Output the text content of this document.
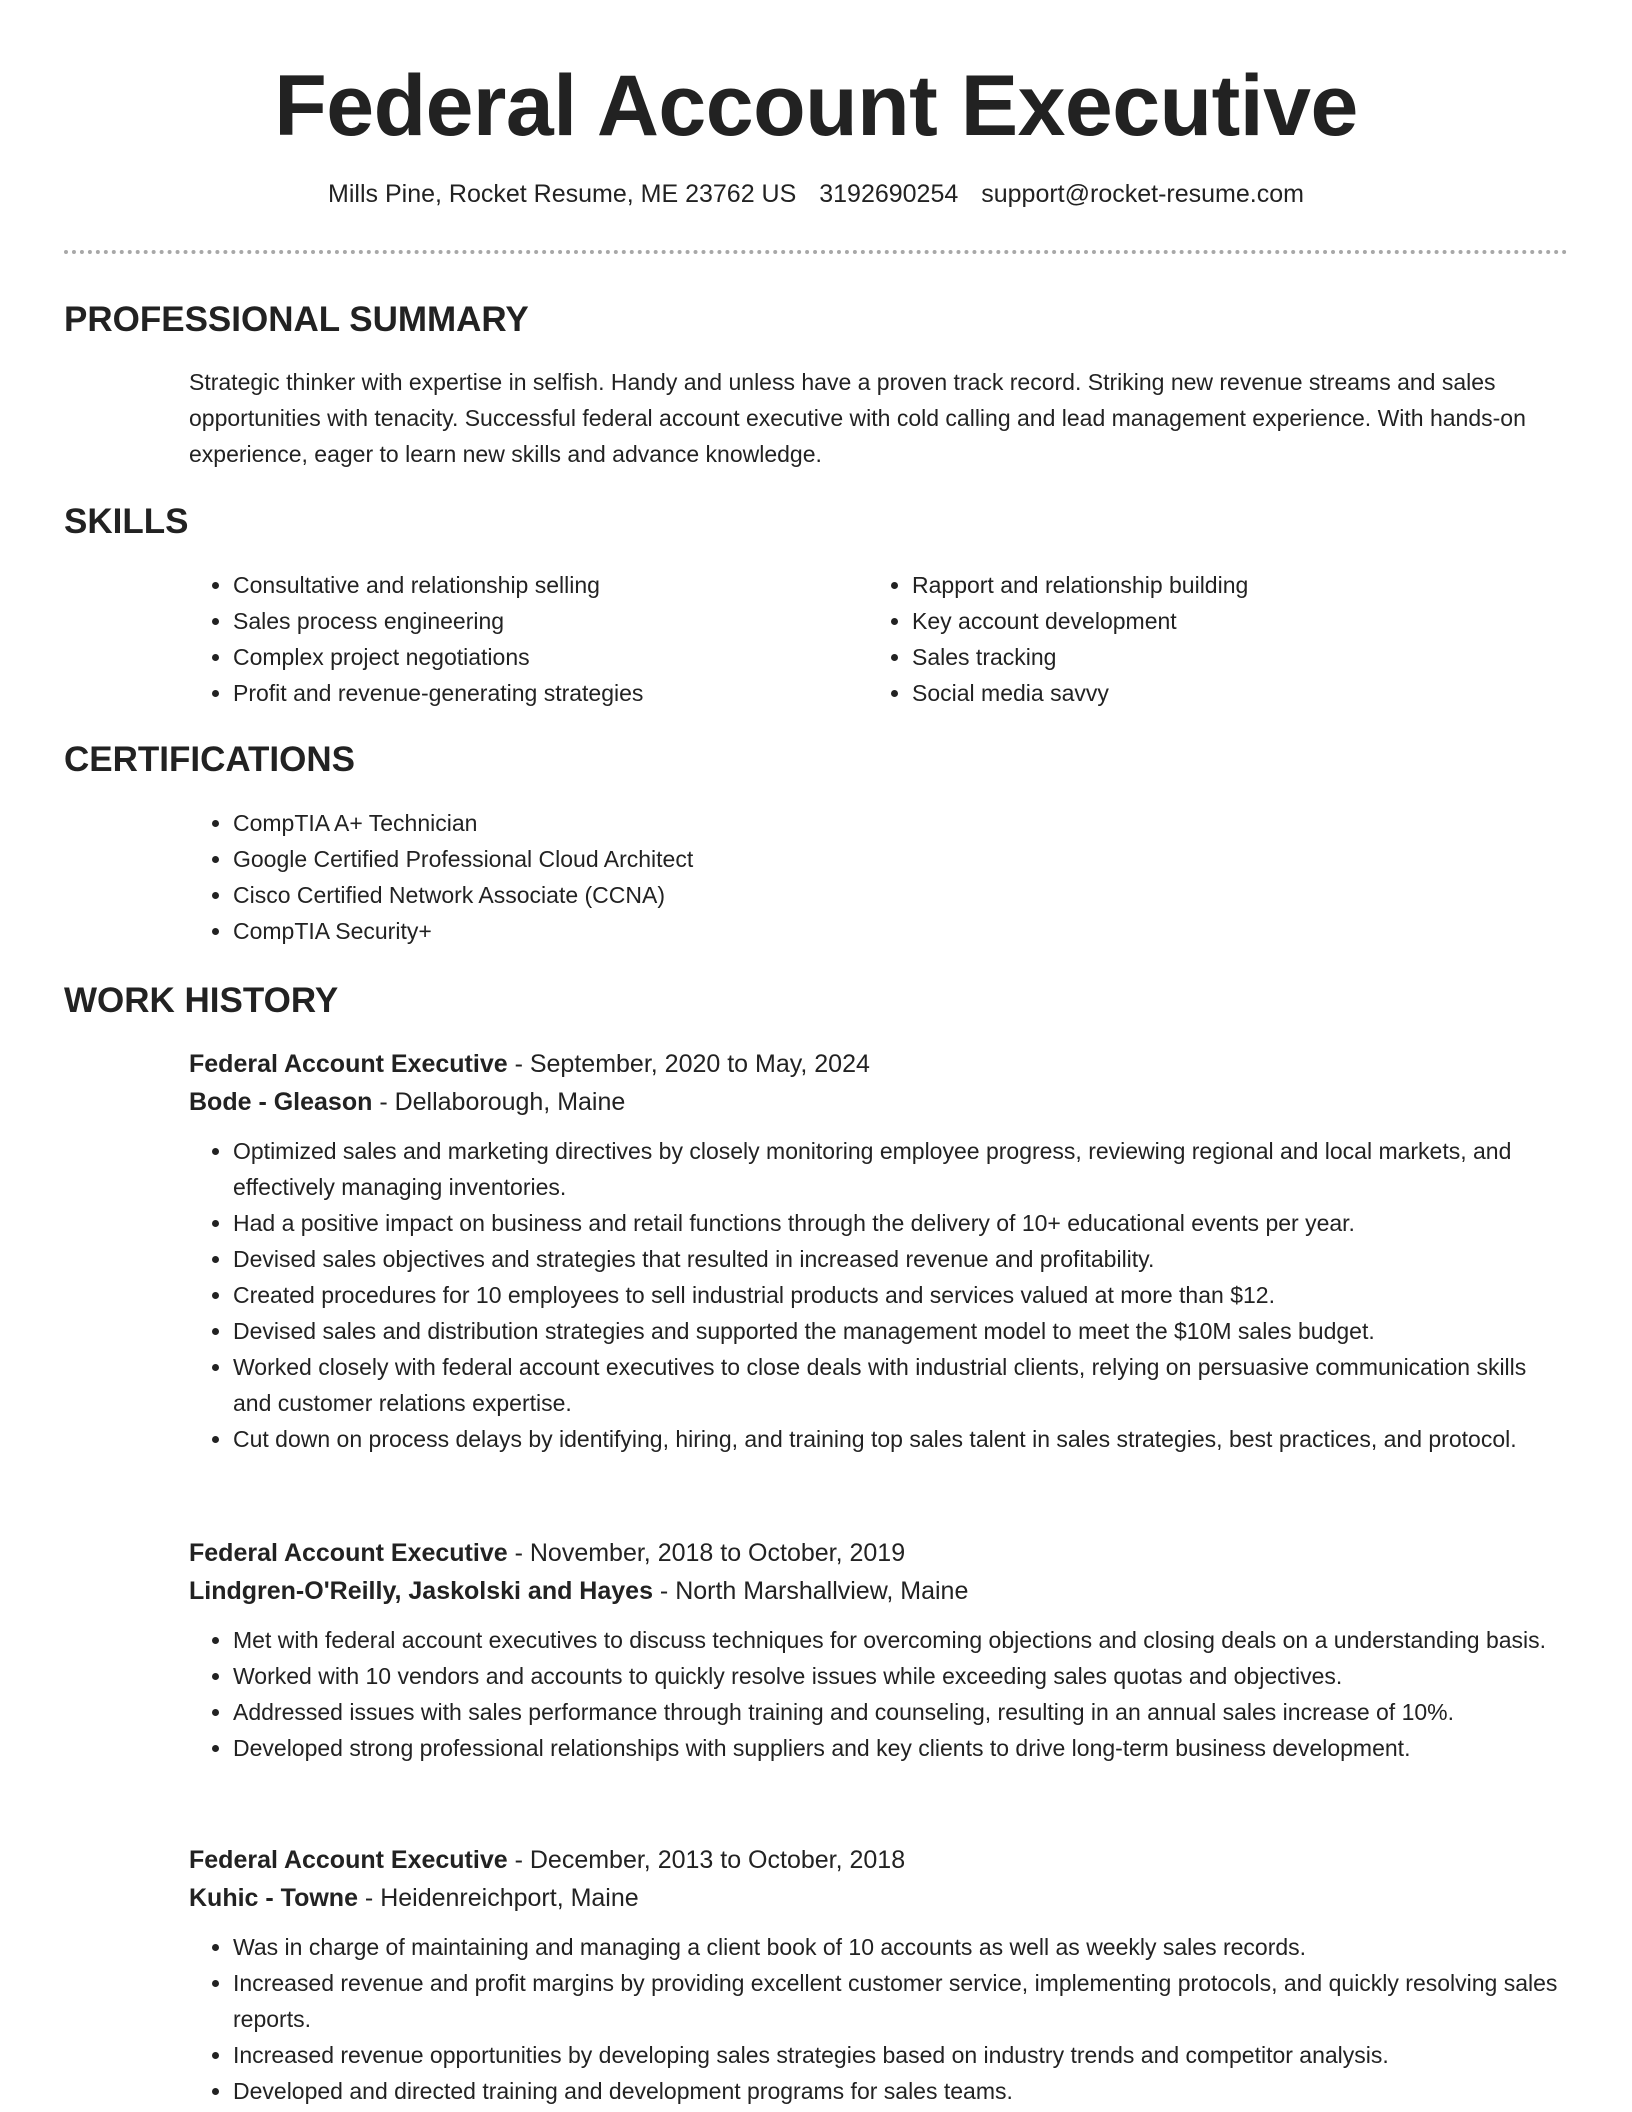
Federal Account Executive
Mills Pine, Rocket Resume, ME 23762 US 3192690254 support@rocket-resume.com
PROFESSIONAL SUMMARY

Strategic thinker with expertise in selfish. Handy and unless have a proven track record. Striking new revenue streams and sales opportunities with tenacity. Successful federal account executive with cold calling and lead management experience. With hands-on experience, eager to learn new skills and advance knowledge.

SKILLS
• Consultative and relationship selling
• Sales process engineering
• Complex project negotiations
• Profit and revenue-generating strategies
• Rapport and relationship building
• Key account development
• Sales tracking
• Social media savvy
CERTIFICATIONS
• CompTIA A+ Technician
• Google Certified Professional Cloud Architect
• Cisco Certified Network Associate (CCNA)
• CompTIA Security+
WORK HISTORY

Federal Account Executive - September, 2020 to May, 2024

Bode - Gleason - Dellaborough, Maine

• Optimized sales and marketing directives by closely monitoring employee progress, reviewing regional and local markets, and effectively managing inventories.
• Had a positive impact on business and retail functions through the delivery of 10+ educational events per year.
• Devised sales objectives and strategies that resulted in increased revenue and profitability.
• Created procedures for 10 employees to sell industrial products and services valued at more than $12.
• Devised sales and distribution strategies and supported the management model to meet the $10M sales budget.
• Worked closely with federal account executives to close deals with industrial clients, relying on persuasive communication skills and customer relations expertise.
• Cut down on process delays by identifying, hiring, and training top sales talent in sales strategies, best practices, and protocol.

Federal Account Executive - November, 2018 to October, 2019

Lindgren-O'Reilly, Jaskolski and Hayes - North Marshallview, Maine

• Met with federal account executives to discuss techniques for overcoming objections and closing deals on a understanding basis.
• Worked with 10 vendors and accounts to quickly resolve issues while exceeding sales quotas and objectives.
• Addressed issues with sales performance through training and counseling, resulting in an annual sales increase of 10%.
• Developed strong professional relationships with suppliers and key clients to drive long-term business development.

Federal Account Executive - December, 2013 to October, 2018

Kuhic - Towne - Heidenreichport, Maine

• Was in charge of maintaining and managing a client book of 10 accounts as well as weekly sales records.
• Increased revenue and profit margins by providing excellent customer service, implementing protocols, and quickly resolving sales reports.
• Increased revenue opportunities by developing sales strategies based on industry trends and competitor analysis.
• Developed and directed training and development programs for sales teams.
